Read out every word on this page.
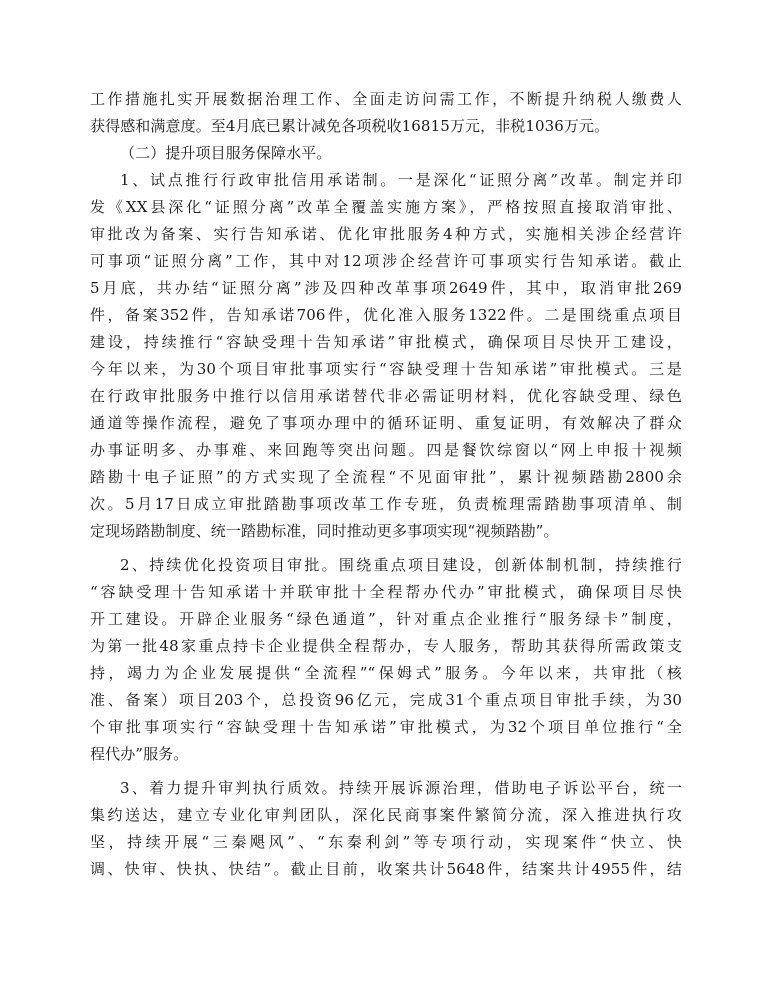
工作措施扎实开展数据治理工作、全面走访问需工作，不断提升纳税人缴费人
获得感和满意度。至4月底已累计减免各项税收16815万元，非税1036万元。
（二）提升项目服务保障水平。
1、试点推行行政审批信用承诺制。一是深化“证照分离”改革。制定并印
发《XX县深化“证照分离”改革全覆盖实施方案》，严格按照直接取消审批、
审批改为备案、实行告知承诺、优化审批服务4种方式，实施相关涉企经营许
可事项“证照分离”工作，其中对12项涉企经营许可事项实行告知承诺。截止
5月底，共办结“证照分离”涉及四种改革事项2649件，其中，取消审批269
件，备案352件，告知承诺706件，优化准入服务1322件。二是围绕重点项目
建设，持续推行“容缺受理十告知承诺”审批模式，确保项目尽快开工建设，
今年以来，为30个项目审批事项实行“容缺受理十告知承诺”审批模式。三是
在行政审批服务中推行以信用承诺替代非必需证明材料，优化容缺受理、绿色
通道等操作流程，避免了事项办理中的循环证明、重复证明，有效解决了群众
办事证明多、办事难、来回跑等突出问题。四是餐饮综窗以“网上申报十视频
踏勘十电子证照”的方式实现了全流程“不见面审批”，累计视频踏勘2800余
次。5月17日成立审批踏勘事项改革工作专班，负责梳理需踏勘事项清单、制
定现场踏勘制度、统一踏勘标准，同时推动更多事项实现“视频踏勘”。
2、持续优化投资项目审批。围绕重点项目建设，创新体制机制，持续推行
“容缺受理十告知承诺十并联审批十全程帮办代办”审批模式，确保项目尽快
开工建设。开辟企业服务“绿色通道”，针对重点企业推行“服务绿卡”制度，
为第一批48家重点持卡企业提供全程帮办，专人服务，帮助其获得所需政策支
持，竭力为企业发展提供“全流程”“保姆式”服务。今年以来，共审批（核
准、备案）项目203个，总投资96亿元，完成31个重点项目审批手续，为30
个审批事项实行“容缺受理十告知承诺”审批模式，为32个项目单位推行“全
程代办”服务。
3、着力提升审判执行质效。持续开展诉源治理，借助电子诉讼平台，统一
集约送达，建立专业化审判团队，深化民商事案件繁简分流，深入推进执行攻
坚，持续开展“三秦飓风”、“东秦利剑”等专项行动，实现案件“快立、快
调、快审、快执、快结”。截止目前，收案共计5648件，结案共计4955件，结
